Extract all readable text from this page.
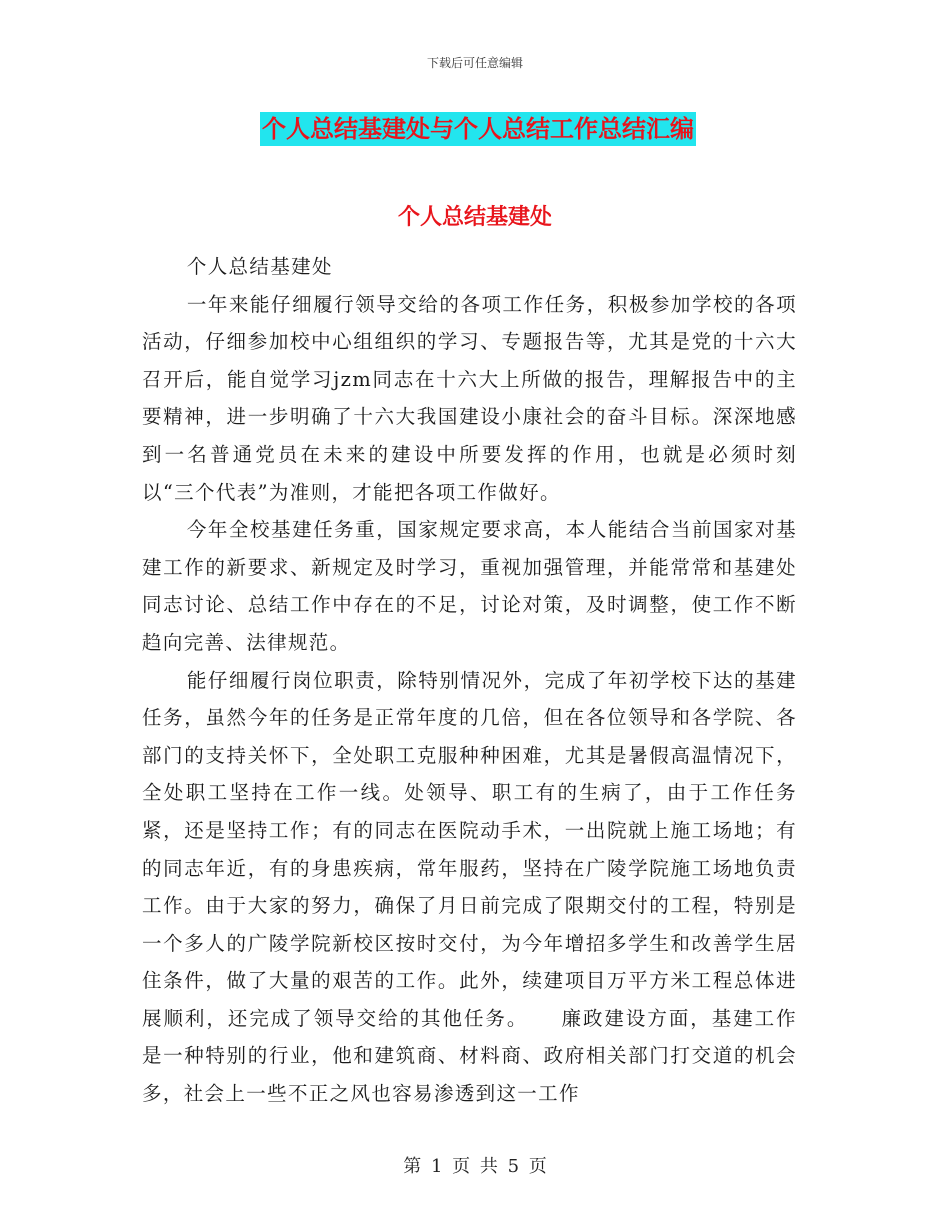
下载后可任意编辑
个人总结基建处与个人总结工作总结汇编
个人总结基建处

个人总结基建处

一年来能仔细履行领导交给的各项工作任务，积极参加学校的各项活动，仔细参加校中心组组织的学习、专题报告等，尤其是党的十六大召开后，能自觉学习jzm同志在十六大上所做的报告，理解报告中的主要精神，进一步明确了十六大我国建设小康社会的奋斗目标。深深地感到一名普通党员在未来的建设中所要发挥的作用，也就是必须时刻以“三个代表”为准则，才能把各项工作做好。

今年全校基建任务重，国家规定要求高，本人能结合当前国家对基建工作的新要求、新规定及时学习，重视加强管理，并能常常和基建处同志讨论、总结工作中存在的不足，讨论对策，及时调整，使工作不断趋向完善、法律规范。

能仔细履行岗位职责，除特别情况外，完成了年初学校下达的基建任务，虽然今年的任务是正常年度的几倍，但在各位领导和各学院、各部门的支持关怀下，全处职工克服种种困难，尤其是暑假高温情况下，全处职工坚持在工作一线。处领导、职工有的生病了，由于工作任务紧，还是坚持工作；有的同志在医院动手术，一出院就上施工场地；有的同志年近，有的身患疾病，常年服药，坚持在广陵学院施工场地负责工作。由于大家的努力，确保了月日前完成了限期交付的工程，特别是一个多人的广陵学院新校区按时交付，为今年增招多学生和改善学生居住条件，做了大量的艰苦的工作。此外，续建项目万平方米工程总体进展顺利，还完成了领导交给的其他任务。　　廉政建设方面，基建工作是一种特别的行业，他和建筑商、材料商、政府相关部门打交道的机会多，社会上一些不正之风也容易渗透到这一工作

第 1 页 共 5 页
